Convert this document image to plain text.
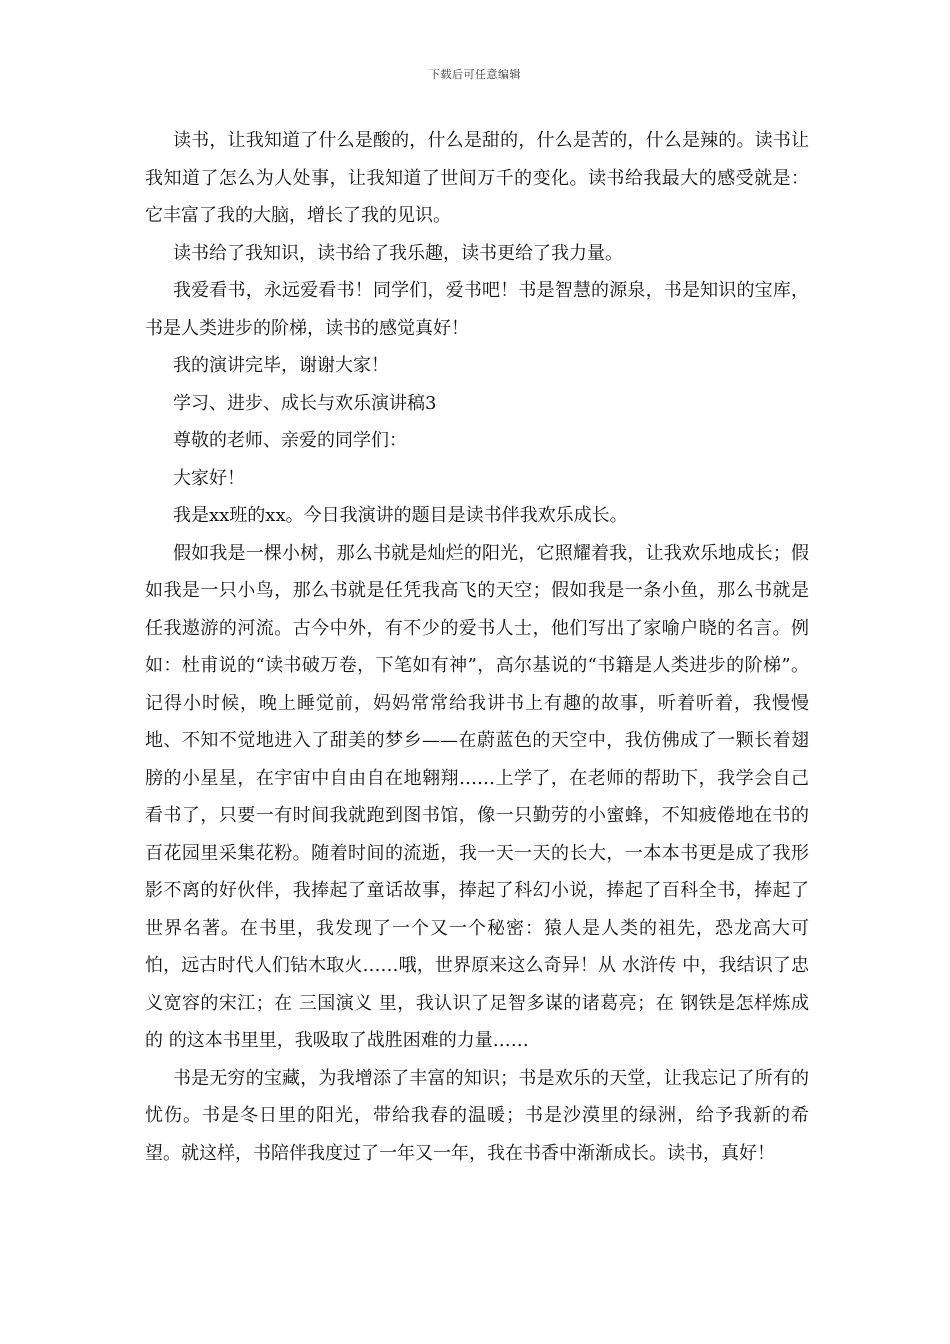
下载后可任意编辑

读书，让我知道了什么是酸的，什么是甜的，什么是苦的，什么是辣的。读书让我知道了怎么为人处事，让我知道了世间万千的变化。读书给我最大的感受就是：它丰富了我的大脑，增长了我的见识。

读书给了我知识，读书给了我乐趣，读书更给了我力量。

我爱看书，永远爱看书！同学们，爱书吧！书是智慧的源泉，书是知识的宝库，书是人类进步的阶梯，读书的感觉真好！

我的演讲完毕，谢谢大家！

学习、进步、成长与欢乐演讲稿3

尊敬的老师、亲爱的同学们：

大家好！

我是xx班的xx。今日我演讲的题目是读书伴我欢乐成长。

假如我是一棵小树，那么书就是灿烂的阳光，它照耀着我，让我欢乐地成长；假如我是一只小鸟，那么书就是任凭我高飞的天空；假如我是一条小鱼，那么书就是任我遨游的河流。古今中外，有不少的爱书人士，他们写出了家喻户晓的名言。例如：杜甫说的“读书破万卷，下笔如有神”，高尔基说的“书籍是人类进步的阶梯”。记得小时候，晚上睡觉前，妈妈常常给我讲书上有趣的故事，听着听着，我慢慢地、不知不觉地进入了甜美的梦乡——在蔚蓝色的天空中，我仿佛成了一颗长着翅膀的小星星，在宇宙中自由自在地翱翔……上学了，在老师的帮助下，我学会自己看书了，只要一有时间我就跑到图书馆，像一只勤劳的小蜜蜂，不知疲倦地在书的百花园里采集花粉。随着时间的流逝，我一天一天的长大，一本本书更是成了我形影不离的好伙伴，我捧起了童话故事，捧起了科幻小说，捧起了百科全书，捧起了世界名著。在书里，我发现了一个又一个秘密：猿人是人类的祖先，恐龙高大可怕，远古时代人们钻木取火……哦，世界原来这么奇异！从 水浒传 中，我结识了忠义宽容的宋江；在 三国演义 里，我认识了足智多谋的诸葛亮；在 钢铁是怎样炼成的 的这本书里里，我吸取了战胜困难的力量……

书是无穷的宝藏，为我增添了丰富的知识；书是欢乐的天堂，让我忘记了所有的忧伤。书是冬日里的阳光，带给我春的温暖；书是沙漠里的绿洲，给予我新的希望。就这样，书陪伴我度过了一年又一年，我在书香中渐渐成长。读书，真好！
